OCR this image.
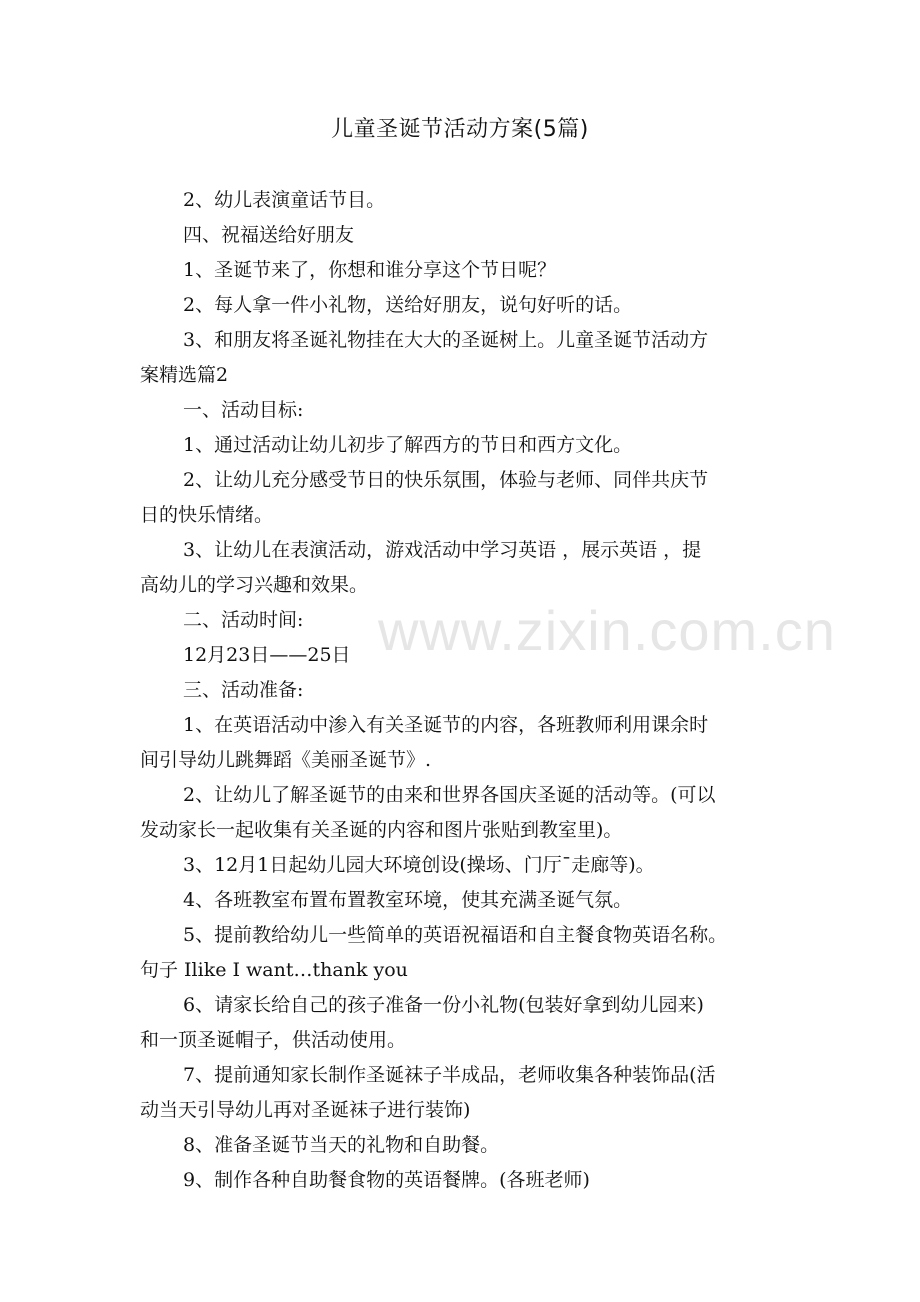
www.zixin.com.cn
儿童圣诞节活动方案(5篇)

2、幼儿表演童话节目。

四、祝福送给好朋友

1、圣诞节来了，你想和谁分享这个节日呢？

2、每人拿一件小礼物，送给好朋友，说句好听的话。

3、和朋友将圣诞礼物挂在大大的圣诞树上。儿童圣诞节活动方

案精选篇2

一、活动目标:

1、通过活动让幼儿初步了解西方的节日和西方文化。

2、让幼儿充分感受节日的快乐氛围，体验与老师、同伴共庆节

日的快乐情绪。

3、让幼儿在表演活动，游戏活动中学习英语 ，展示英语 ，提

高幼儿的学习兴趣和效果。

二、活动时间:

12月23日——25日

三、活动准备:

1、在英语活动中渗入有关圣诞节的内容，各班教师利用课余时

间引导幼儿跳舞蹈《美丽圣诞节》.

2、让幼儿了解圣诞节的由来和世界各国庆圣诞的活动等。(可以

发动家长一起收集有关圣诞的内容和图片张贴到教室里)。

3、12月1日起幼儿园大环境创设(操场、门厅¯走廊等)。

4、各班教室布置布置教室环境，使其充满圣诞气氛。

5、提前教给幼儿一些简单的英语祝福语和自主餐食物英语名称。

句子 Ilike I want…thank you

6、请家长给自己的孩子准备一份小礼物(包装好拿到幼儿园来)

和一顶圣诞帽子，供活动使用。

7、提前通知家长制作圣诞袜子半成品，老师收集各种装饰品(活

动当天引导幼儿再对圣诞袜子进行装饰)

8、准备圣诞节当天的礼物和自助餐。

9、制作各种自助餐食物的英语餐牌。(各班老师)
